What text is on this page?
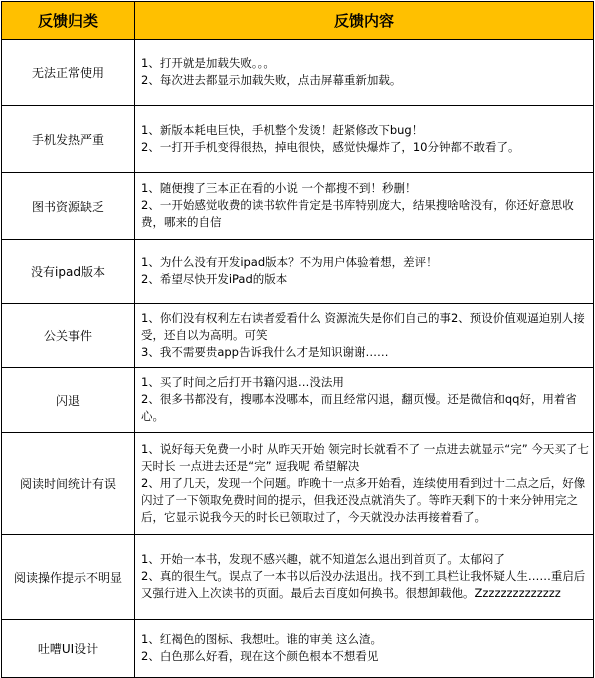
反馈归类	反馈内容
无法正常使用	1、打开就是加载失败。。。
2、每次进去都显示加载失败，点击屏幕重新加载。

手机发热严重	1、新版本耗电巨快，手机整个发烫！赶紧修改下bug！
2、一打开手机变得很热，掉电很快，感觉快爆炸了，10分钟都不敢看了。

图书资源缺乏	1、随便搜了三本正在看的小说 一个都搜不到！秒删！
2、一开始感觉收费的读书软件肯定是书库特别庞大，结果搜啥啥没有，你还好意思收费，哪来的自信

没有ipad版本	1、为什么没有开发ipad版本？不为用户体验着想，差评！
2、希望尽快开发iPad的版本

公关事件	1、你们没有权利左右读者爱看什么 资源流失是你们自己的事2、预设价值观逼迫别人接受，还自以为高明。可笑
3、我不需要贵app告诉我什么才是知识谢谢……

闪退	1、买了时间之后打开书籍闪退…没法用
2、很多书都没有，搜哪本没哪本，而且经常闪退，翻页慢。还是微信和qq好，用着省心。

阅读时间统计有误	1、说好每天免费一小时 从昨天开始 领完时长就看不了 一点进去就显示“完” 今天买了七天时长 一点进去还是“完” 逗我呢 希望解决
2、用了几天，发现一个问题。昨晚十一点多开始看，连续使用看到过十二点之后，好像闪过了一下领取免费时间的提示，但我还没点就消失了。等昨天剩下的十来分钟用完之后，它显示说我今天的时长已领取过了，今天就没办法再接着看了。

阅读操作提示不明显	1、开始一本书，发现不感兴趣，就不知道怎么退出到首页了。太郁闷了
2、真的很生气。误点了一本书以后没办法退出。找不到工具栏让我怀疑人生……重启后又强行进入上次读书的页面。最后去百度如何换书。很想卸载他。Zzzzzzzzzzzzzz

吐嘈UI设计	1、红褐色的图标、我想吐。谁的审美 这么渣。
2、白色那么好看，现在这个颜色根本不想看见
